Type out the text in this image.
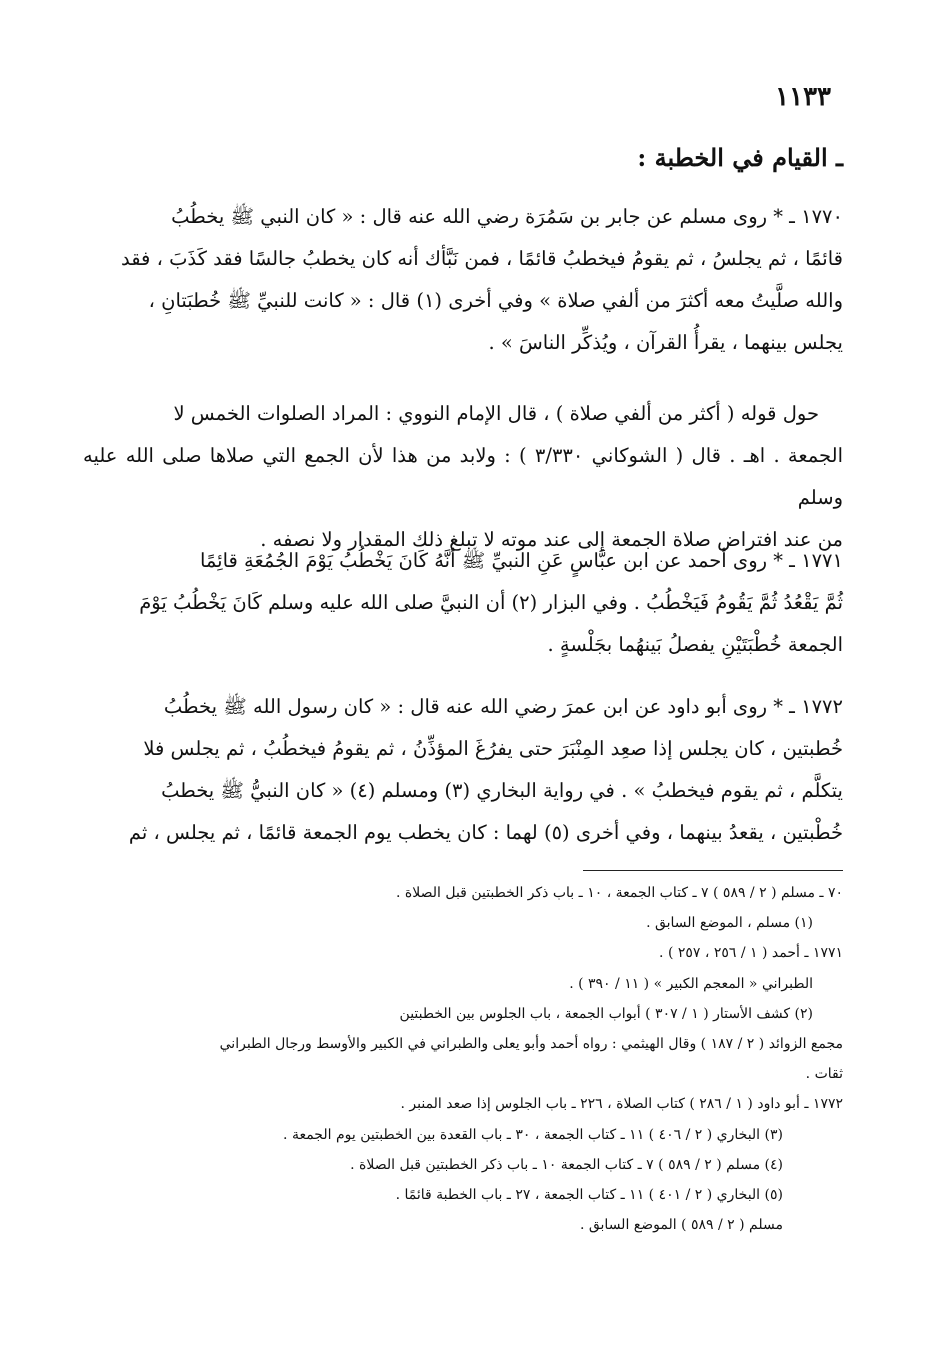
١١٣٣
ـ القيام في الخطبة :

١٧٧٠ ـ * روى مسلم عن جابر بن سَمُرَة رضي الله عنه قال : « كان النبي ﷺ يخطُبُ

قائمًا ، ثم يجلسُ ، ثم يقومُ فيخطبُ قائمًا ، فمن نَبَّأك أنه كان يخطبُ جالسًا فقد كَذَبَ ، فقد

والله صلَّيتُ معه أكثرَ من ألفي صلاة » وفي أخرى (١) قال : « كانت للنبيِّ ﷺ خُطبَتانِ ،

يجلس بينهما ، يقرأُ القرآن ، ويُذكِّر الناسَ » .

حول قوله ( أكثر من ألفي صلاة ) ، قال الإمام النووي : المراد الصلوات الخمس لا

الجمعة . اهـ . قال ( الشوكاني ٣/٣٣٠ ) : ولابد من هذا لأن الجمع التي صلاها صلى الله عليه وسلم

من عند افتراض صلاة الجمعة إلى عند موته لا تبلغ ذلك المقدار ولا نصفه .

١٧٧١ ـ * روى أحمد عن ابن عبَّاسٍ عَنِ النبيِّ ﷺ أنَّهُ كَانَ يَخْطُبُ يَوْمَ الجُمُعَةِ قائِمًا

ثُمَّ يَقْعُدُ ثُمَّ يَقُومُ فَيَخْطُبُ . وفي البزار (٢) أن النبيَّ صلى الله عليه وسلم كَانَ يَخْطُبُ يَوْمَ

الجمعة خُطْبَتَيْنِ يفصلُ بَينهُما بجَلْسةٍ .

١٧٧٢ ـ * روى أبو داود عن ابن عمرَ رضي الله عنه قال : « كان رسول الله ﷺ يخطُبُ

خُطبتين ، كان يجلس إذا صعِد المِنْبَرَ حتى يفرُغَ المؤذِّنُ ، ثم يقومُ فيخطُبُ ، ثم يجلس فلا

يتكلَّم ، ثم يقوم فيخطبُ » . في رواية البخاري (٣) ومسلم (٤) « كان النبيُّ ﷺ يخطبُ

خُطْبتين ، يقعدُ بينهما ، وفي أخرى (٥) لهما : كان يخطب يوم الجمعة قائمًا ، ثم يجلس ، ثم

٧٠ ـ مسلم ( ٢ / ٥٨٩ ) ٧ ـ كتاب الجمعة ، ١٠ ـ باب ذكر الخطبتين قبل الصلاة .

(١) مسلم ، الموضع السابق .

١٧٧١ ـ أحمد ( ١ / ٢٥٦ ، ٢٥٧ ) .

الطبراني « المعجم الكبير » ( ١١ / ٣٩٠ ) .

(٢) كشف الأستار ( ١ / ٣٠٧ ) أبواب الجمعة ، باب الجلوس بين الخطبتين

مجمع الزوائد ( ٢ / ١٨٧ ) وقال الهيثمي : رواه أحمد وأبو يعلى والطبراني في الكبير والأوسط ورجال الطبراني

ثقات .

١٧٧٢ ـ أبو داود ( ١ / ٢٨٦ ) كتاب الصلاة ، ٢٢٦ ـ باب الجلوس إذا صعد المنبر .

(٣) البخاري ( ٢ / ٤٠٦ ) ١١ ـ كتاب الجمعة ، ٣٠ ـ باب القعدة بين الخطبتين يوم الجمعة .

(٤) مسلم ( ٢ / ٥٨٩ ) ٧ ـ كتاب الجمعة ١٠ ـ باب ذكر الخطبتين قبل الصلاة .

(٥) البخاري ( ٢ / ٤٠١ ) ١١ ـ كتاب الجمعة ، ٢٧ ـ باب الخطبة قائمًا .

مسلم ( ٢ / ٥٨٩ ) الموضع السابق .
